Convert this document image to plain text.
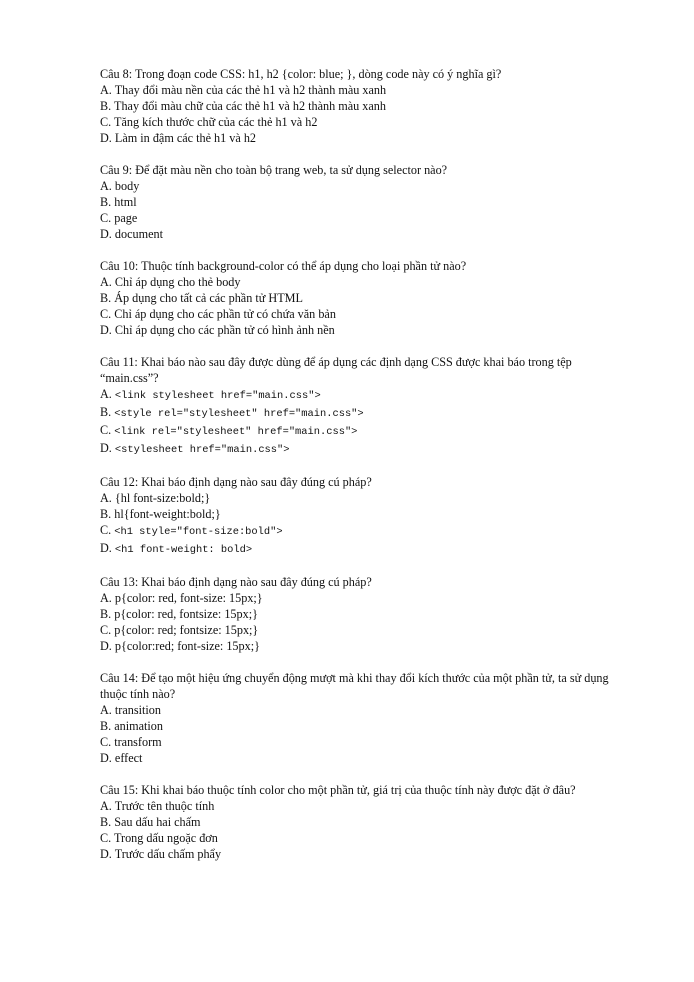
Câu 8: Trong đoạn code CSS: h1, h2 {color: blue; }, dòng code này có ý nghĩa gì?
A. Thay đổi màu nền của các thẻ h1 và h2 thành màu xanh
B. Thay đổi màu chữ của các thẻ h1 và h2 thành màu xanh
C. Tăng kích thước chữ của các thẻ h1 và h2
D. Làm in đậm các thẻ h1 và h2
Câu 9: Để đặt màu nền cho toàn bộ trang web, ta sử dụng selector nào?
A. body
B. html
C. page
D. document
Câu 10: Thuộc tính background-color có thể áp dụng cho loại phần tử nào?
A. Chỉ áp dụng cho thẻ body
B. Áp dụng cho tất cả các phần tử HTML
C. Chỉ áp dụng cho các phần tử có chứa văn bản
D. Chỉ áp dụng cho các phần tử có hình ảnh nền
Câu 11: Khai báo nào sau đây được dùng để áp dụng các định dạng CSS được khai báo trong tệp “main.css”?
A. <link stylesheet href="main.css">
B. <style rel="stylesheet" href="main.css">
C. <link rel="stylesheet" href="main.css">
D. <stylesheet href="main.css">
Câu 12: Khai báo định dạng nào sau đây đúng cú pháp?
A. {hl font-size:bold;}
B. hl{font-weight:bold;}
C. <h1 style="font-size:bold">
D. <h1 font-weight: bold>
Câu 13: Khai báo định dạng nào sau đây đúng cú pháp?
A. p{color: red, font-size: 15px;}
B. p{color: red, fontsize: 15px;}
C. p{color: red; fontsize: 15px;}
D. p{color:red; font-size: 15px;}
Câu 14: Để tạo một hiệu ứng chuyển động mượt mà khi thay đổi kích thước của một phần tử, ta sử dụng thuộc tính nào?
A. transition
B. animation
C. transform
D. effect
Câu 15: Khi khai báo thuộc tính color cho một phần tử, giá trị của thuộc tính này được đặt ở đâu?
A. Trước tên thuộc tính
B. Sau dấu hai chấm
C. Trong dấu ngoặc đơn
D. Trước dấu chấm phẩy
